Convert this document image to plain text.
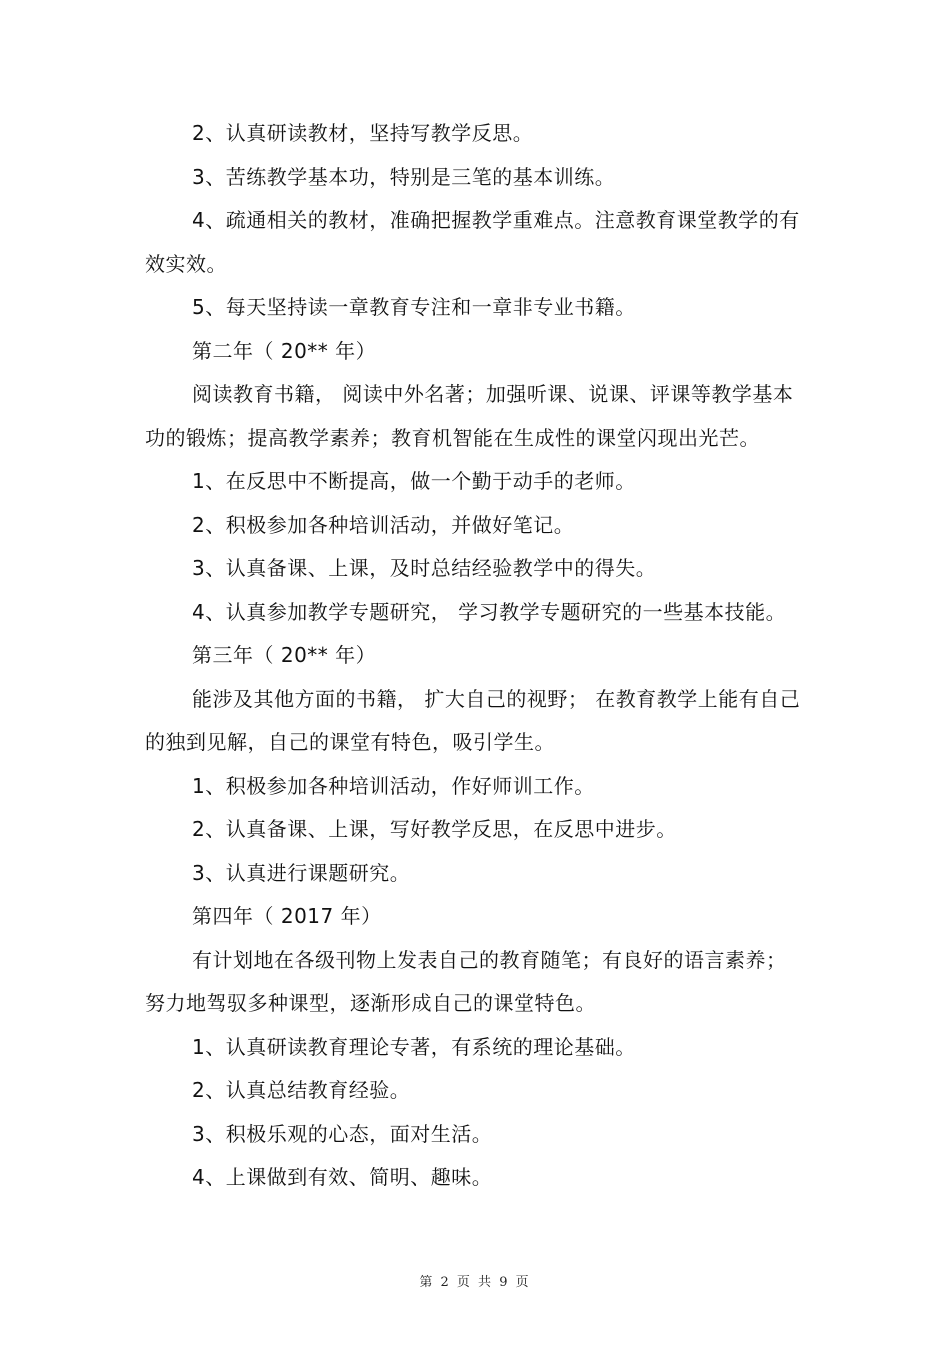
2、认真研读教材，坚持写教学反思。

3、苦练教学基本功，特别是三笔的基本训练。

4、疏通相关的教材，准确把握教学重难点。注意教育课堂教学的有效实效。

5、每天坚持读一章教育专注和一章非专业书籍。

第二年（ 20** 年）

阅读教育书籍， 阅读中外名著；加强听课、说课、评课等教学基本功的锻炼；提高教学素养；教育机智能在生成性的课堂闪现出光芒。

1、在反思中不断提高，做一个勤于动手的老师。

2、积极参加各种培训活动，并做好笔记。

3、认真备课、上课，及时总结经验教学中的得失。

4、认真参加教学专题研究， 学习教学专题研究的一些基本技能。

第三年（ 20** 年）

能涉及其他方面的书籍， 扩大自己的视野； 在教育教学上能有自己的独到见解，自己的课堂有特色，吸引学生。

1、积极参加各种培训活动，作好师训工作。

2、认真备课、上课，写好教学反思，在反思中进步。

3、认真进行课题研究。

第四年（ 2017 年）

有计划地在各级刊物上发表自己的教育随笔；有良好的语言素养；努力地驾驭多种课型，逐渐形成自己的课堂特色。

1、认真研读教育理论专著，有系统的理论基础。

2、认真总结教育经验。

3、积极乐观的心态，面对生活。

4、上课做到有效、简明、趣味。

第 2 页 共 9 页
